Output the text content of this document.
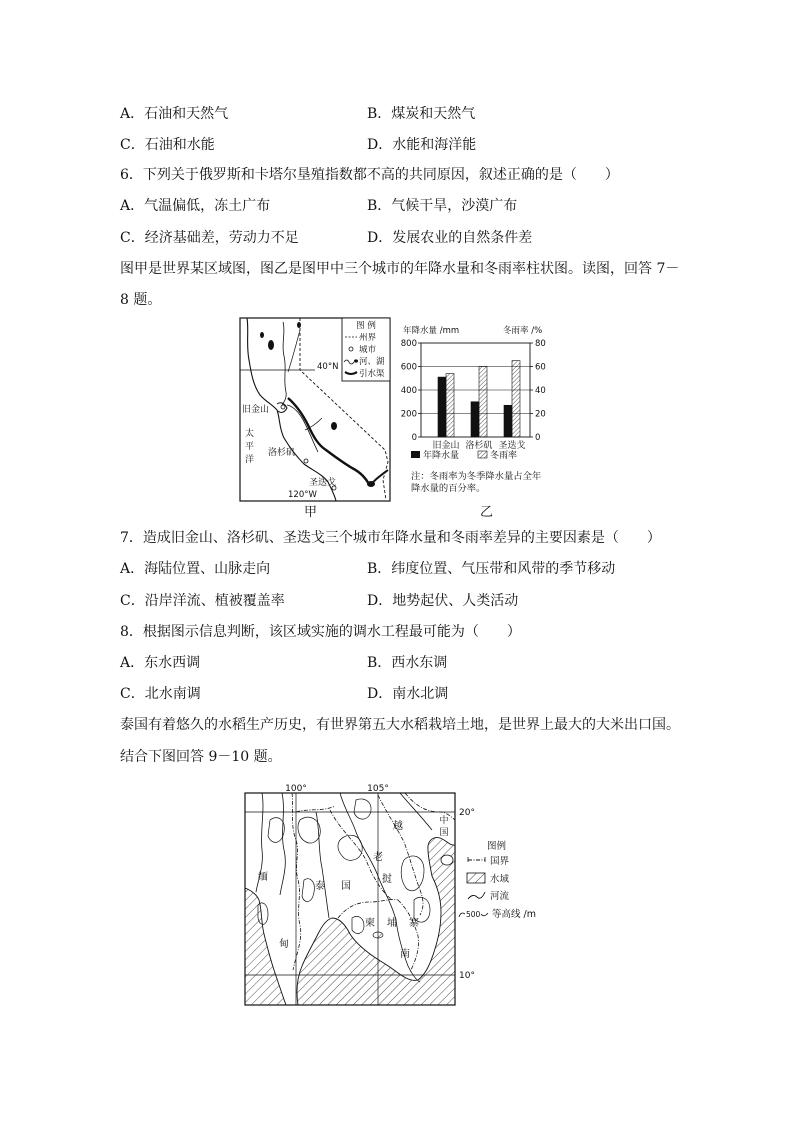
A．石油和天然气	B．煤炭和天然气
C．石油和水能	D．水能和海洋能
6．下列关于俄罗斯和卡塔尔垦殖指数都不高的共同原因，叙述正确的是（　　）
A．气温偏低，冻土广布	B．气候干旱，沙漠广布
C．经济基础差，劳动力不足	D．发展农业的自然条件差
图甲是世界某区域图，图乙是图甲中三个城市的年降水量和冬雨率柱状图。读图，回答 7－
8 题。
旧金山
洛杉矶
圣迭戈
太
平
洋
40°N
120°W
图 例
州界
城市
河、湖
引水渠
年降水量 /mm	冬雨率 /%
0
200
400
600
800
0
20
40
60
80
旧金山 洛杉矶 圣迭戈
年降水量	冬雨率
注：冬雨率为冬季降水量占全年
降水量的百分率。
甲	乙
7．造成旧金山、洛杉矶、圣迭戈三个城市年降水量和冬雨率差异的主要因素是（　　）
A．海陆位置、山脉走向	B．纬度位置、气压带和风带的季节移动
C．沿岸洋流、植被覆盖率	D．地势起伏、人类活动
8．根据图示信息判断，该区域实施的调水工程最可能为（　　）
A．东水西调	B．西水东调
C．北水南调	D．南水北调
泰国有着悠久的水稻生产历史，有世界第五大水稻栽培土地，是世界上最大的大米出口国。
结合下图回答 9－10 题。
缅
甸
泰 国
老
挝
越
南
柬 埔 寨
中
国
100°	105°
20°
10°
图例
国界
水域
河流
500 等高线 /m
